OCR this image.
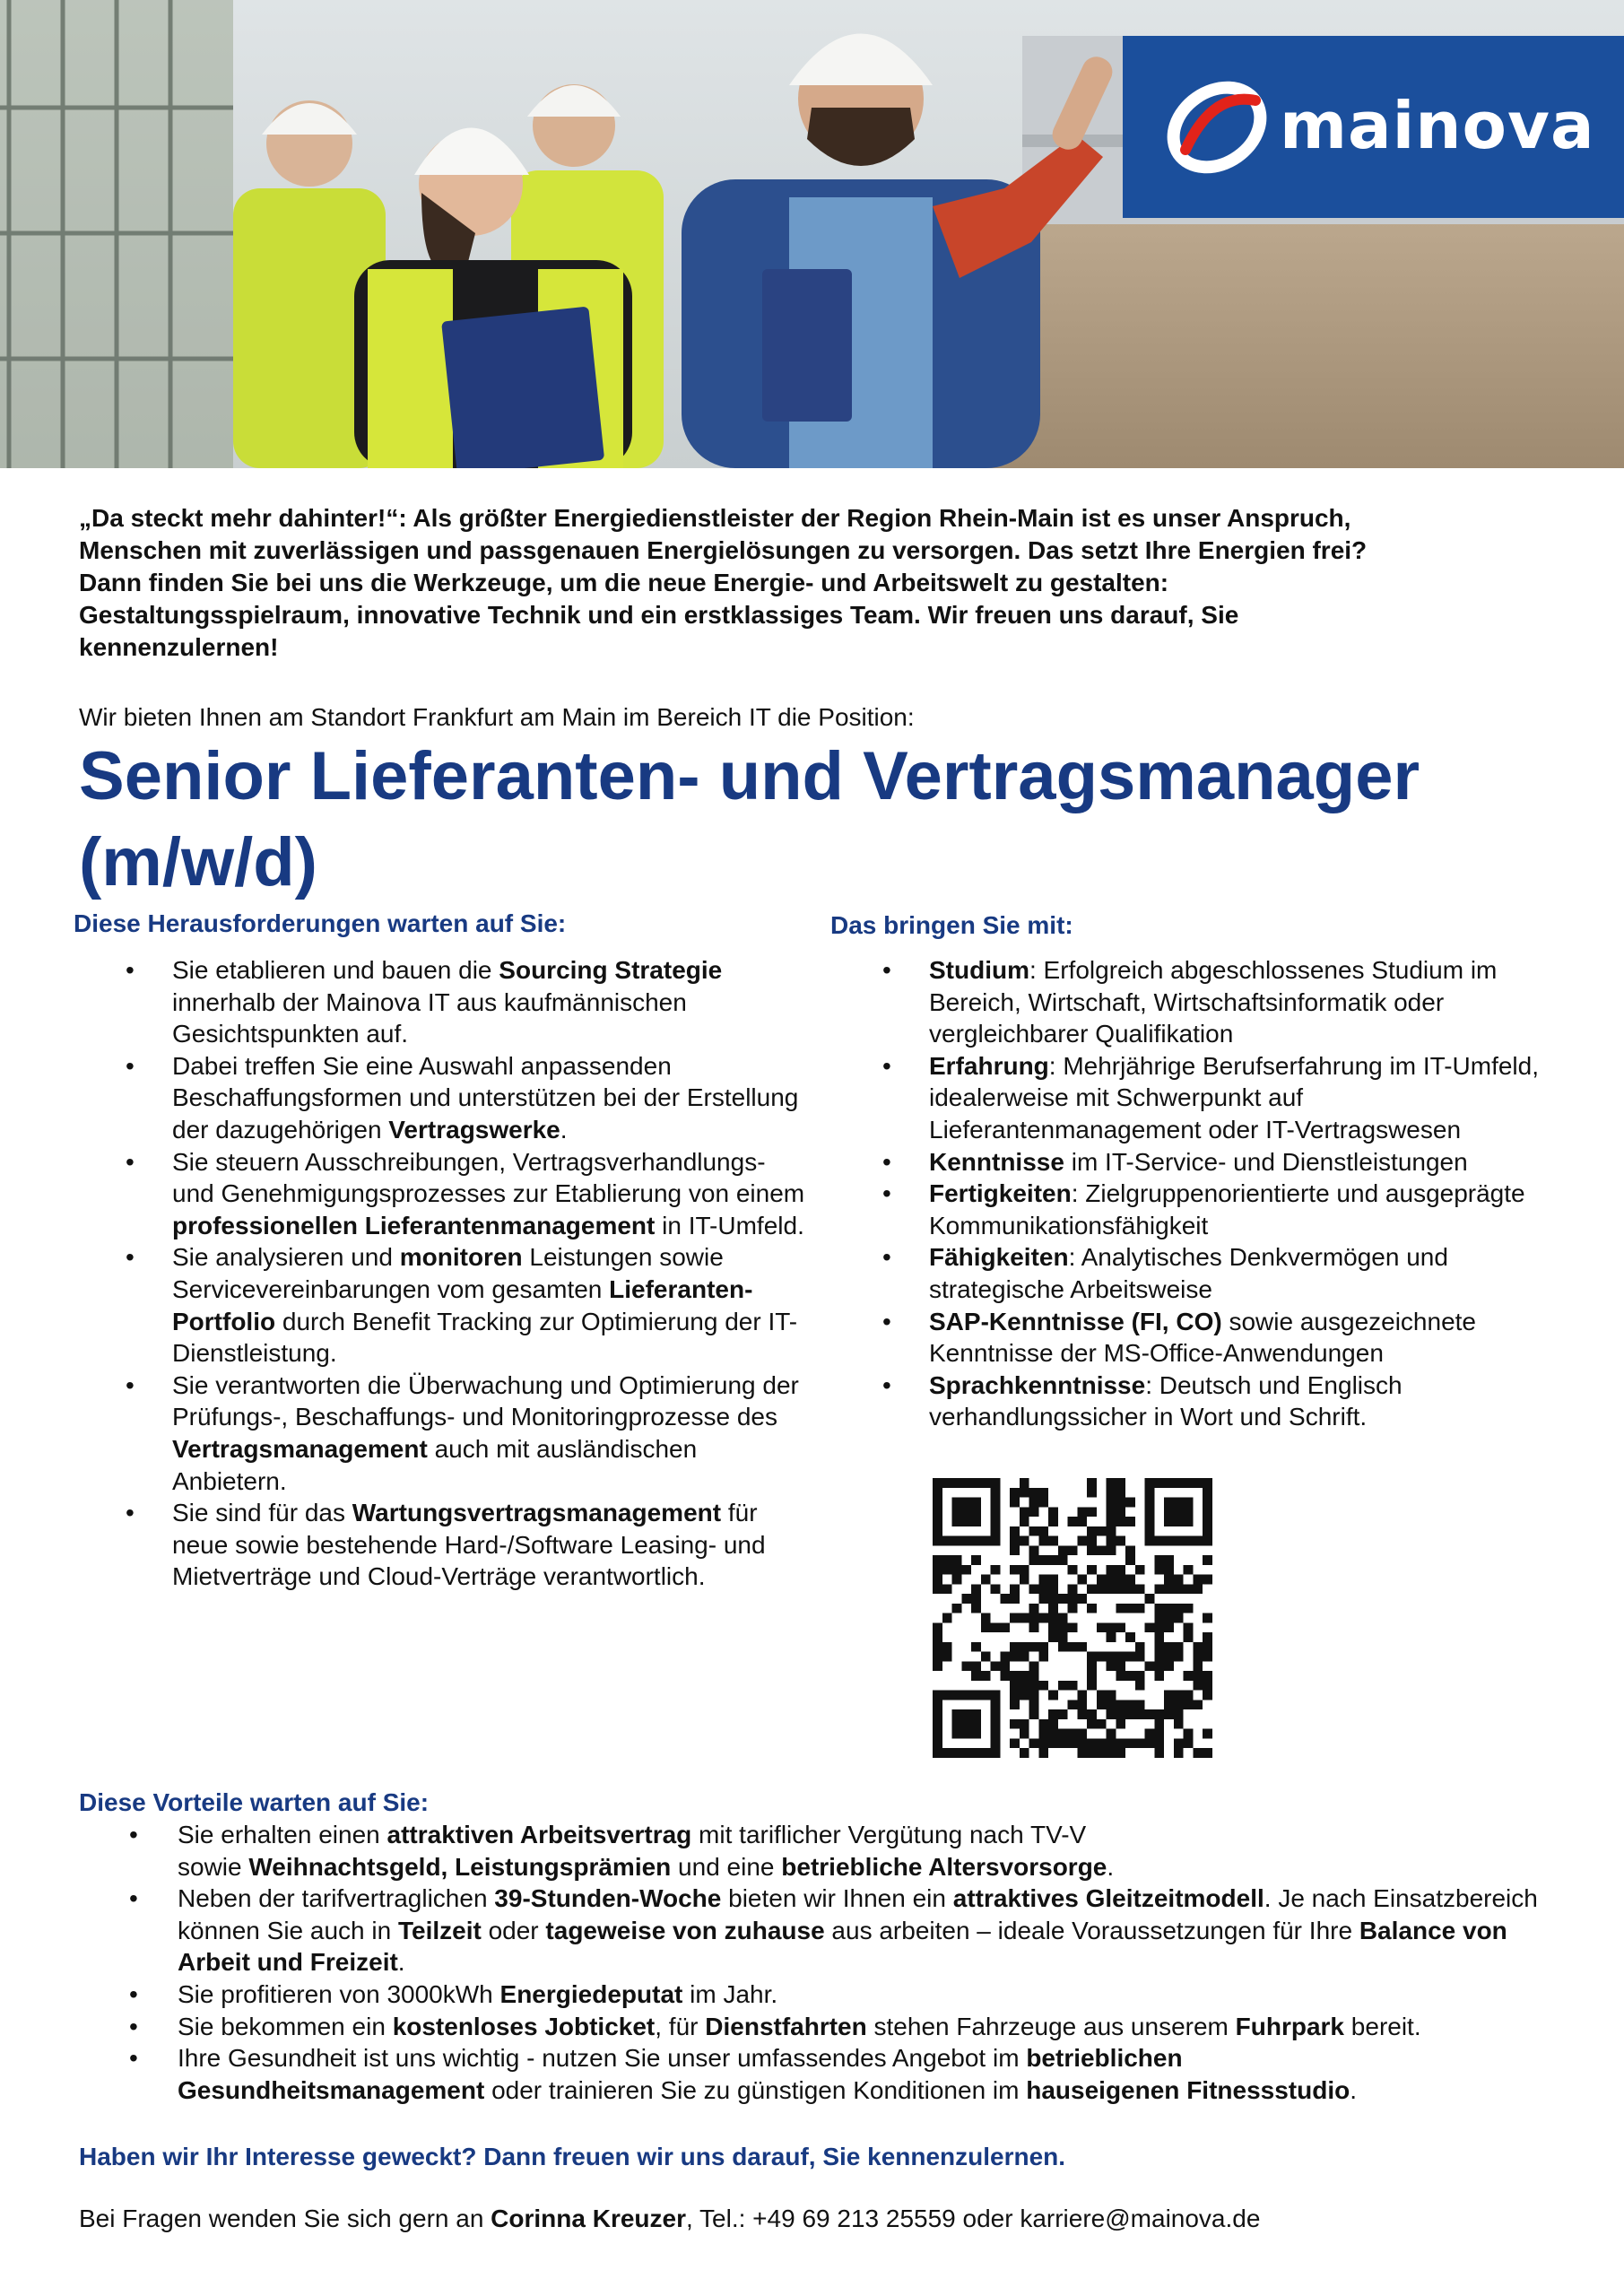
mainova

„Da steckt mehr dahinter!“: Als größter Energiedienstleister der Region Rhein-Main ist es unser Anspruch, Menschen mit zuverlässigen und passgenauen Energielösungen zu versorgen. Das setzt Ihre Energien frei? Dann finden Sie bei uns die Werkzeuge, um die neue Energie- und Arbeitswelt zu gestalten: Gestaltungsspielraum, innovative Technik und ein erstklassiges Team. Wir freuen uns darauf, Sie kennenzulernen!

Wir bieten Ihnen am Standort Frankfurt am Main im Bereich IT die Position:

Senior Lieferanten- und Vertragsmanager (m/w/d)
Diese Herausforderungen warten auf Sie:
• Sie etablieren und bauen die Sourcing Strategie innerhalb der Mainova IT aus kaufmännischen Gesichtspunkten auf.
• Dabei treffen Sie eine Auswahl anpassenden Beschaffungsformen und unterstützen bei der Erstellung der dazugehörigen Vertragswerke.
• Sie steuern Ausschreibungen, Vertragsverhandlungs- und Genehmigungsprozesses zur Etablierung von einem professionellen Lieferantenmanagement in IT-Umfeld.
• Sie analysieren und monitoren Leistungen sowie Servicevereinbarungen vom gesamten Lieferanten-Portfolio durch Benefit Tracking zur Optimierung der IT-Dienstleistung.
• Sie verantworten die Überwachung und Optimierung der Prüfungs-, Beschaffungs- und Monitoringprozesse des Vertragsmanagement auch mit ausländischen Anbietern.
• Sie sind für das Wartungsvertragsmanagement für neue sowie bestehende Hard-/Software Leasing- und Mietverträge und Cloud-Verträge verantwortlich.
Das bringen Sie mit:
• Studium: Erfolgreich abgeschlossenes Studium im Bereich, Wirtschaft, Wirtschaftsinformatik oder vergleichbarer Qualifikation
• Erfahrung: Mehrjährige Berufserfahrung im IT-Umfeld, idealerweise mit Schwerpunkt auf Lieferantenmanagement oder IT-Vertragswesen
• Kenntnisse im IT-Service- und Dienstleistungen
• Fertigkeiten: Zielgruppenorientierte und ausgeprägte Kommunikationsfähigkeit
• Fähigkeiten: Analytisches Denkvermögen und strategische Arbeitsweise
• SAP-Kenntnisse (FI, CO) sowie ausgezeichnete Kenntnisse der MS-Office-Anwendungen
• Sprachkenntnisse: Deutsch und Englisch verhandlungssicher in Wort und Schrift.
Diese Vorteile warten auf Sie:
• Sie erhalten einen attraktiven Arbeitsvertrag mit tariflicher Vergütung nach TV-V
sowie Weihnachtsgeld, Leistungsprämien und eine betriebliche Altersvorsorge.
• Neben der tarifvertraglichen 39-Stunden-Woche bieten wir Ihnen ein attraktives Gleitzeitmodell. Je nach Einsatzbereich können Sie auch in Teilzeit oder tageweise von zuhause aus arbeiten – ideale Voraussetzungen für Ihre Balance von Arbeit und Freizeit.
• Sie profitieren von 3000kWh Energiedeputat im Jahr.
• Sie bekommen ein kostenloses Jobticket, für Dienstfahrten stehen Fahrzeuge aus unserem Fuhrpark bereit.
• Ihre Gesundheit ist uns wichtig - nutzen Sie unser umfassendes Angebot im betrieblichen
Gesundheitsmanagement oder trainieren Sie zu günstigen Konditionen im hauseigenen Fitnessstudio.

Haben wir Ihr Interesse geweckt? Dann freuen wir uns darauf, Sie kennenzulernen.

Bei Fragen wenden Sie sich gern an Corinna Kreuzer, Tel.: +49 69 213 25559 oder karriere@mainova.de
